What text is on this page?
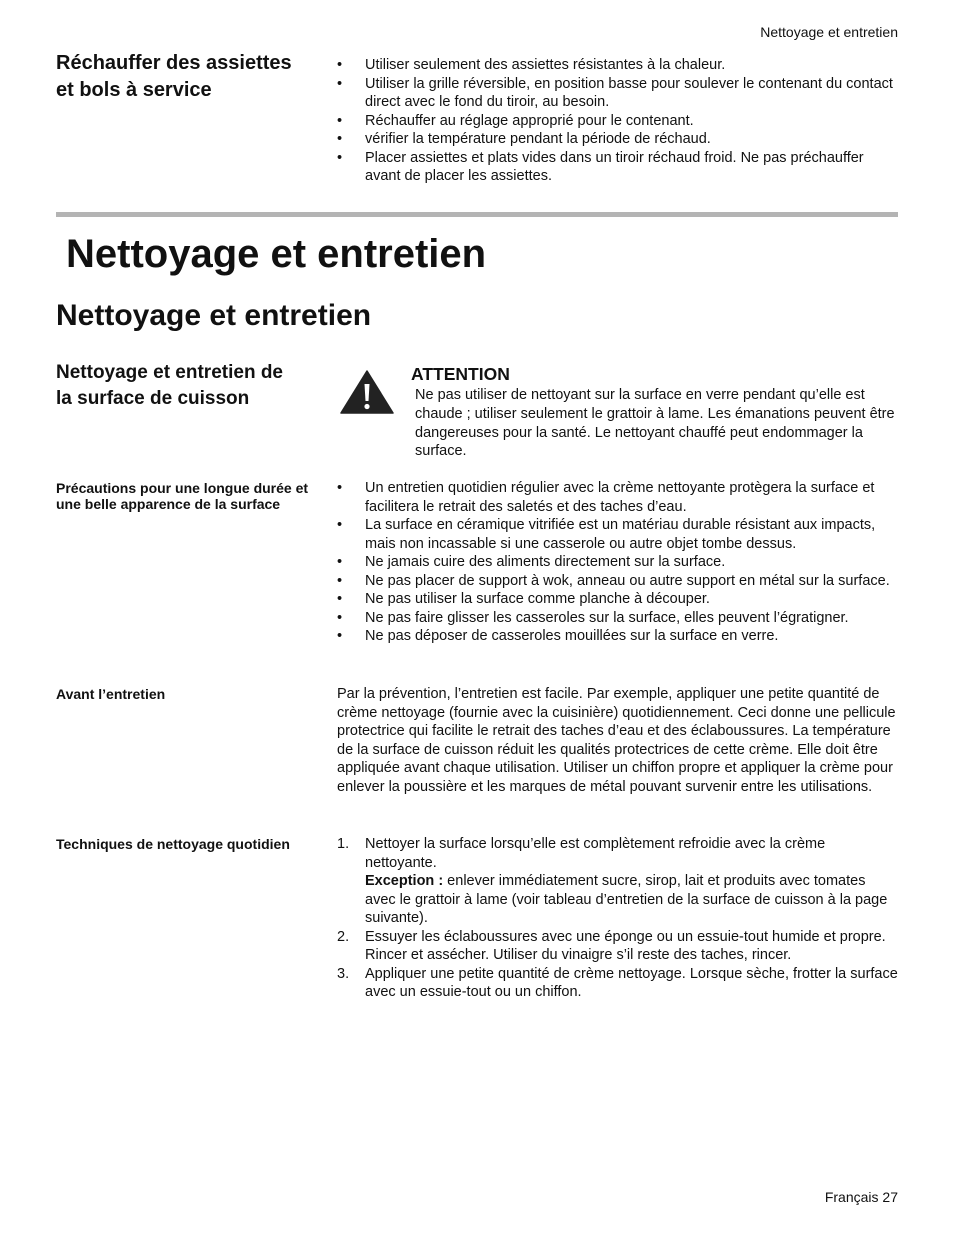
Nettoyage et entretien
Réchauffer des assiettes
et bols à service
• Utiliser seulement des assiettes résistantes à la chaleur.
• Utiliser la grille réversible, en position basse pour soulever le contenant du contact direct avec le fond du tiroir, au besoin.
• Réchauffer au réglage approprié pour le contenant.
• vérifier la température pendant la période de réchaud.
• Placer assiettes et plats vides dans un tiroir réchaud froid. Ne pas préchauffer avant de placer les assiettes.
Nettoyage et entretien
Nettoyage et entretien
Nettoyage et entretien de
la surface de cuisson
ATTENTION
Ne pas utiliser de nettoyant sur la surface en verre pendant qu’elle est chaude ; utiliser seulement le grattoir à lame. Les émanations peuvent être dangereuses pour la santé. Le nettoyant chauffé peut endommager la surface.
Précautions pour une longue durée et
une belle apparence de la surface
• Un entretien quotidien régulier avec la crème nettoyante protègera la surface et facilitera le retrait des saletés et des taches d’eau.
• La surface en céramique vitrifiée est un matériau durable résistant aux impacts, mais non incassable si une casserole ou autre objet tombe dessus.
• Ne jamais cuire des aliments directement sur la surface.
• Ne pas placer de support à wok, anneau ou autre support en métal sur la surface.
• Ne pas utiliser la surface comme planche à découper.
• Ne pas faire glisser les casseroles sur la surface, elles peuvent l’égratigner.
• Ne pas déposer de casseroles mouillées sur la surface en verre.
Avant l’entretien	Par la prévention, l’entretien est facile. Par exemple, appliquer une petite quantité de crème nettoyage (fournie avec la cuisinière) quotidiennement. Ceci donne une pellicule protectrice qui facilite le retrait des taches d’eau et des éclaboussures. La température de la surface de cuisson réduit les qualités protectrices de cette crème. Elle doit être appliquée avant chaque utilisation. Utiliser un chiffon propre et appliquer la crème pour enlever la poussière et les marques de métal pouvant survenir entre les utilisations.
Techniques de nettoyage quotidien	1. Nettoyer la surface lorsqu’elle est complètement refroidie avec la crème nettoyante.
Exception : enlever immédiatement sucre, sirop, lait et produits avec tomates avec le grattoir à lame (voir tableau d’entretien de la surface de cuisson à la page suivante).
2. Essuyer les éclaboussures avec une éponge ou un essuie-tout humide et propre. Rincer et assécher. Utiliser du vinaigre s’il reste des taches, rincer.
3. Appliquer une petite quantité de crème nettoyage. Lorsque sèche, frotter la surface avec un essuie-tout ou un chiffon.
Français 27
